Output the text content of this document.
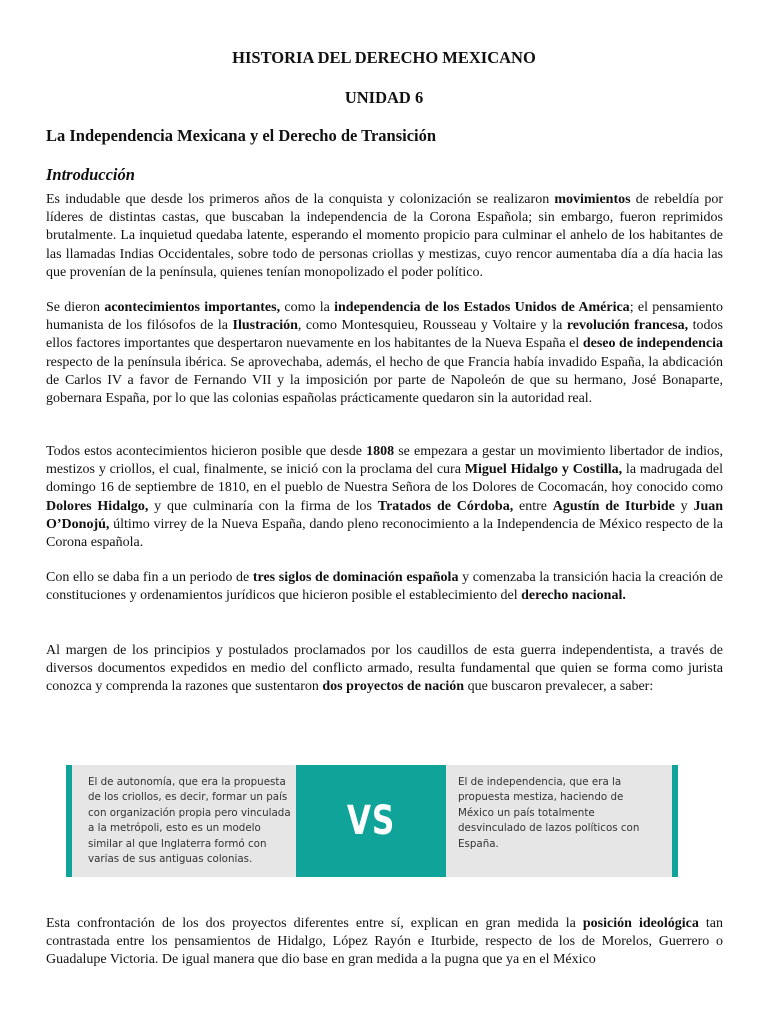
HISTORIA DEL DERECHO MEXICANO
UNIDAD 6
La Independencia Mexicana y el Derecho de Transición
Introducción

Es indudable que desde los primeros años de la conquista y colonización se realizaron movimientos de rebeldía por líderes de distintas castas, que buscaban la independencia de la Corona Española; sin embargo, fueron reprimidos brutalmente. La inquietud quedaba latente, esperando el momento propicio para culminar el anhelo de los habitantes de las llamadas Indias Occidentales, sobre todo de personas criollas y mestizas, cuyo rencor aumentaba día a día hacia las que provenían de la península, quienes tenían monopolizado el poder político.

Se dieron acontecimientos importantes, como la independencia de los Estados Unidos de América; el pensamiento humanista de los filósofos de la Ilustración, como Montesquieu, Rousseau y Voltaire y la revolución francesa, todos ellos factores importantes que despertaron nuevamente en los habitantes de la Nueva España el deseo de independencia respecto de la península ibérica. Se aprovechaba, además, el hecho de que Francia había invadido España, la abdicación de Carlos IV a favor de Fernando VII y la imposición por parte de Napoleón de que su hermano, José Bonaparte, gobernara España, por lo que las colonias españolas prácticamente quedaron sin la autoridad real.

Todos estos acontecimientos hicieron posible que desde 1808 se empezara a gestar un movimiento libertador de indios, mestizos y criollos, el cual, finalmente, se inició con la proclama del cura Miguel Hidalgo y Costilla, la madrugada del domingo 16 de septiembre de 1810, en el pueblo de Nuestra Señora de los Dolores de Cocomacán, hoy conocido como Dolores Hidalgo, y que culminaría con la firma de los Tratados de Córdoba, entre Agustín de Iturbide y Juan O’Donojú, último virrey de la Nueva España, dando pleno reconocimiento a la Independencia de México respecto de la Corona española.

Con ello se daba fin a un periodo de tres siglos de dominación española y comenzaba la transición hacia la creación de constituciones y ordenamientos jurídicos que hicieron posible el establecimiento del derecho nacional.

Al margen de los principios y postulados proclamados por los caudillos de esta guerra independentista, a través de diversos documentos expedidos en medio del conflicto armado, resulta fundamental que quien se forma como jurista conozca y comprenda la razones que sustentaron dos proyectos de nación que buscaron prevalecer, a saber:

VS
El de autonomía, que era la propuesta de los criollos, es decir, formar un país con organización propia pero vinculada a la metrópoli, esto es un modelo similar al que Inglaterra formó con varias de sus antiguas colonias.
El de independencia, que era la propuesta mestiza, haciendo de México un país totalmente desvinculado de lazos políticos con España.

Esta confrontación de los dos proyectos diferentes entre sí, explican en gran medida la posición ideológica tan contrastada entre los pensamientos de Hidalgo, López Rayón e Iturbide, respecto de los de Morelos, Guerrero o Guadalupe Victoria. De igual manera que dio base en gran medida a la pugna que ya en el México
